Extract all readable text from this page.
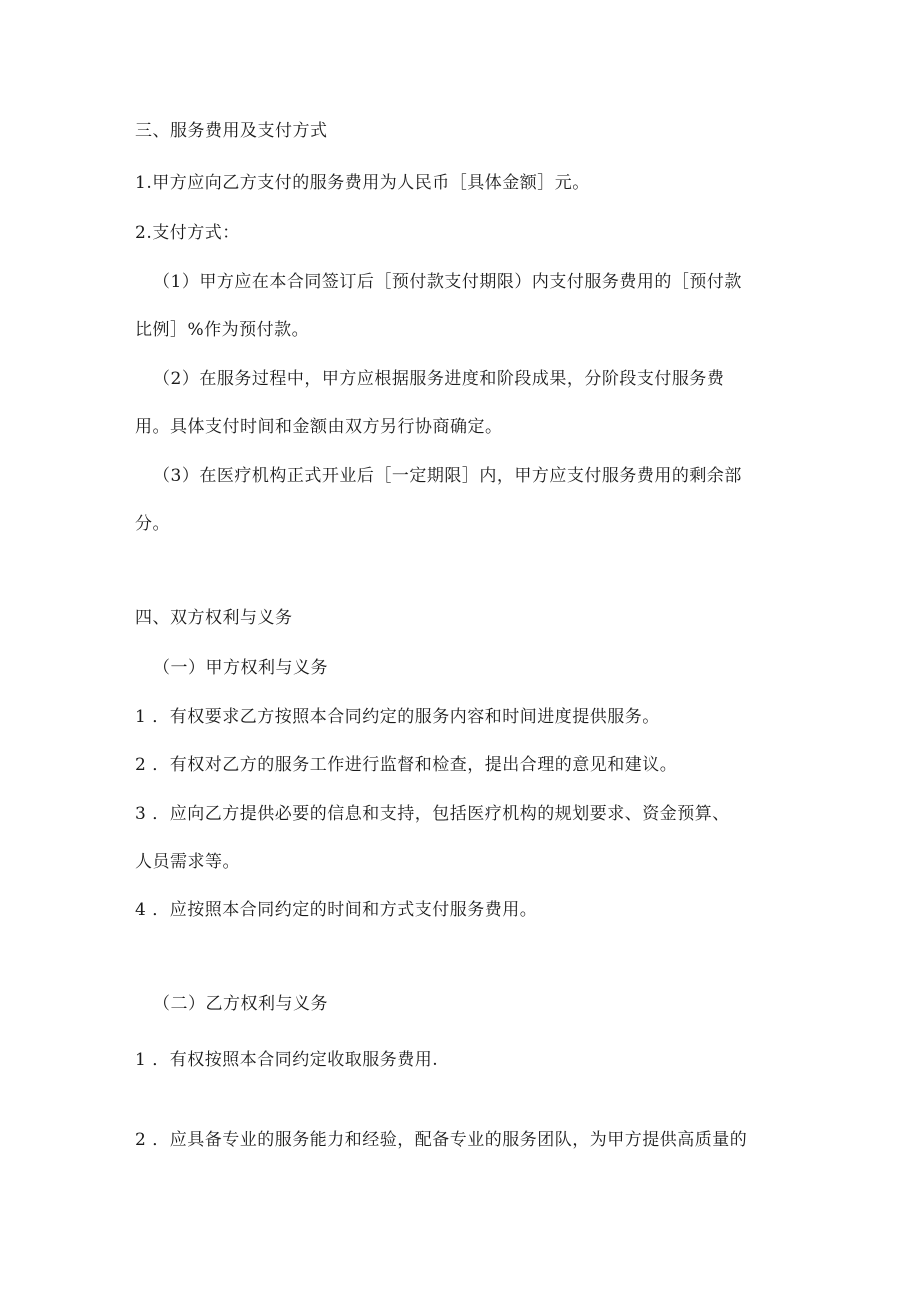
三、服务费用及支付方式
1.甲方应向乙方支付的服务费用为人民币［具体金额］元。
2.支付方式：
（1）甲方应在本合同签订后［预付款支付期限）内支付服务费用的［预付款
比例］%作为预付款。
（2）在服务过程中，甲方应根据服务进度和阶段成果，分阶段支付服务费
用。具体支付时间和金额由双方另行协商确定。
（3）在医疗机构正式开业后［一定期限］内，甲方应支付服务费用的剩余部
分。
四、双方权利与义务
（一）甲方权利与义务
1 ．有权要求乙方按照本合同约定的服务内容和时间进度提供服务。
2 ．有权对乙方的服务工作进行监督和检查，提出合理的意见和建议。
3 ．应向乙方提供必要的信息和支持，包括医疗机构的规划要求、资金预算、
人员需求等。
4 ．应按照本合同约定的时间和方式支付服务费用。
（二）乙方权利与义务
1 ．有权按照本合同约定收取服务费用.
2 ．应具备专业的服务能力和经验，配备专业的服务团队，为甲方提供高质量的
